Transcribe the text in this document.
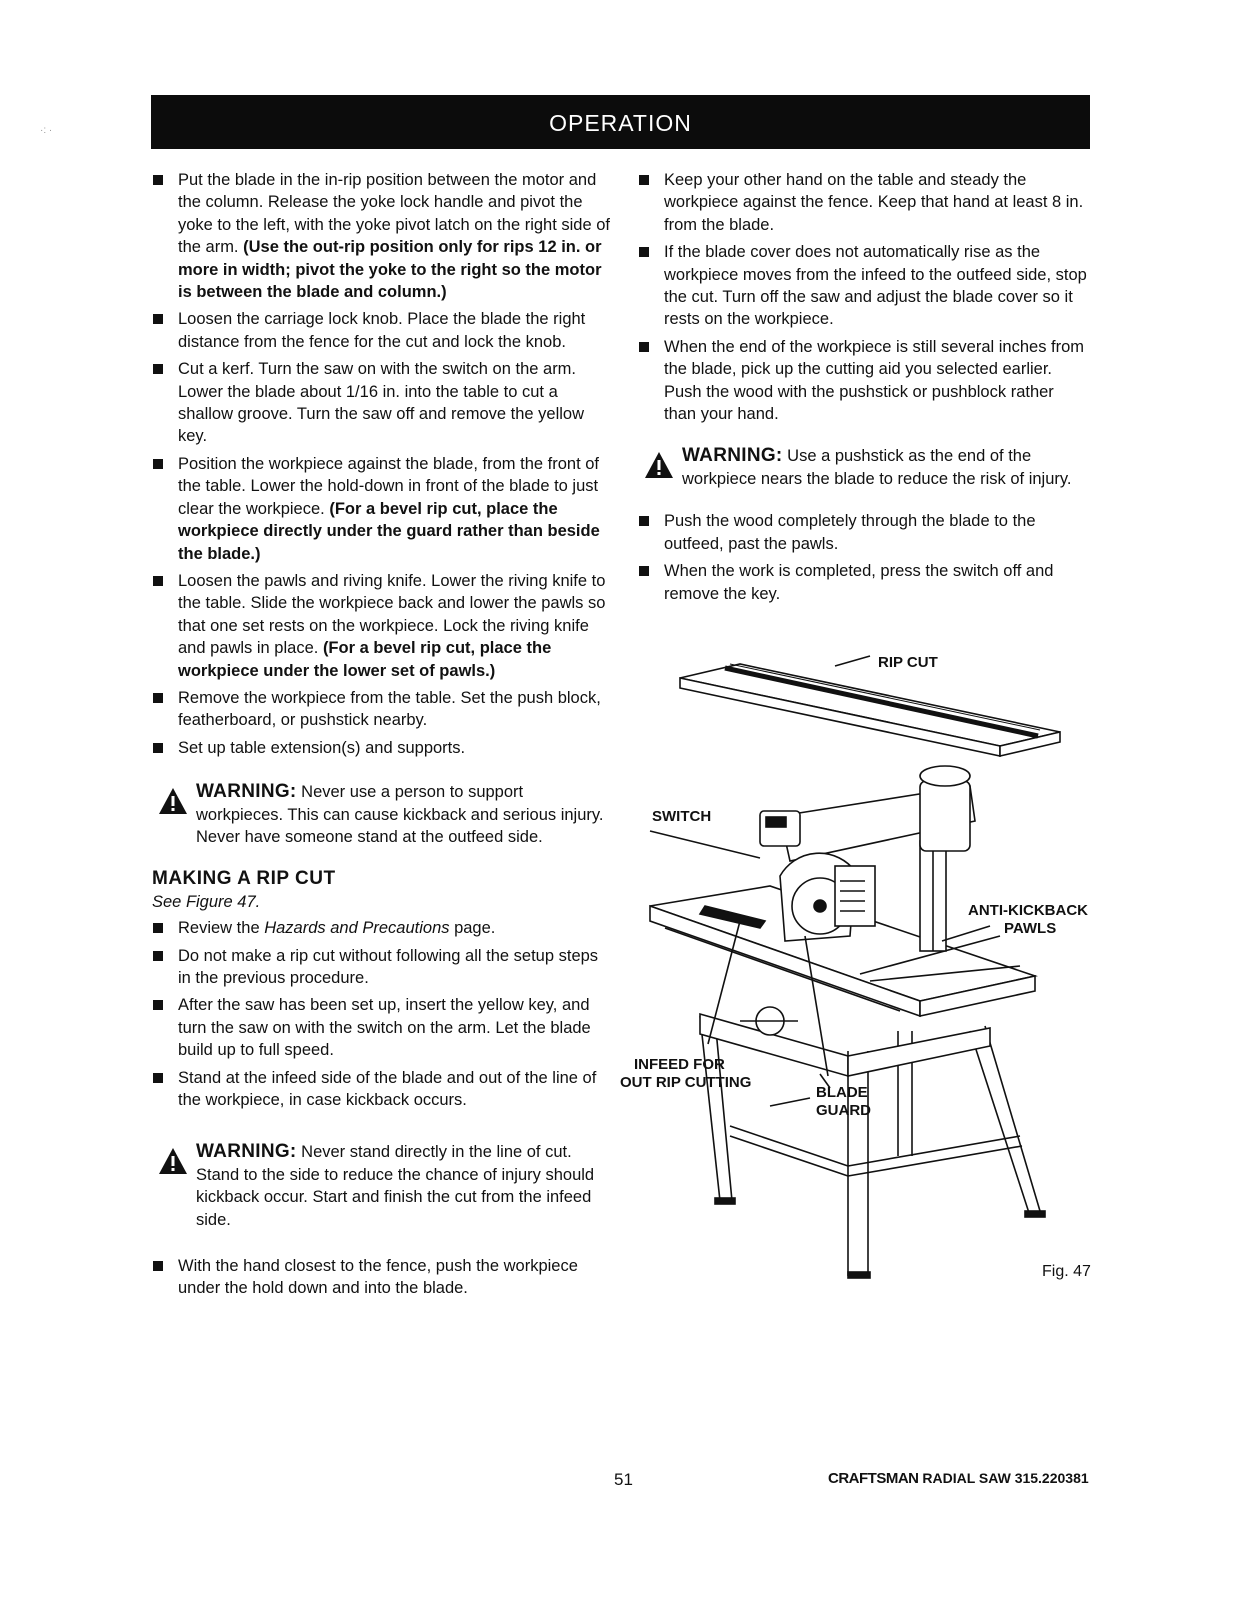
OPERATION
·: ·
Put the blade in the in-rip position between the motor and the column. Release the yoke lock handle and pivot the yoke to the left, with the yoke pivot latch on the right side of the arm. (Use the out-rip position only for rips 12 in. or more in width; pivot the yoke to the right so the motor is between the blade and column.)
Loosen the carriage lock knob. Place the blade the right distance from the fence for the cut and lock the knob.
Cut a kerf. Turn the saw on with the switch on the arm. Lower the blade about 1/16 in. into the table to cut a shallow groove. Turn the saw off and remove the yellow key.
Position the workpiece against the blade, from the front of the table. Lower the hold-down in front of the blade to just clear the workpiece. (For a bevel rip cut, place the workpiece directly under the guard rather than beside the blade.)
Loosen the pawls and riving knife. Lower the riving knife to the table. Slide the workpiece back and lower the pawls so that one set rests on the workpiece. Lock the riving knife and pawls in place. (For a bevel rip cut, place the workpiece under the lower set of pawls.)
Remove the workpiece from the table. Set the push block, featherboard, or pushstick nearby.
Set up table extension(s) and supports.
WARNING: Never use a person to support workpieces. This can cause kickback and serious injury. Never have someone stand at the outfeed side.
MAKING A RIP CUT
See Figure 47.
Review the Hazards and Precautions page.
Do not make a rip cut without following all the setup steps in the previous procedure.
After the saw has been set up, insert the yellow key, and turn the saw on with the switch on the arm. Let the blade build up to full speed.
Stand at the infeed side of the blade and out of the line of the workpiece, in case kickback occurs.
WARNING: Never stand directly in the line of cut. Stand to the side to reduce the chance of injury should kickback occur. Start and finish the cut from the infeed side.
With the hand closest to the fence, push the workpiece under the hold down and into the blade.
Keep your other hand on the table and steady the workpiece against the fence. Keep that hand at least 8 in. from the blade.
If the blade cover does not automatically rise as the workpiece moves from the infeed to the outfeed side, stop the cut. Turn off the saw and adjust the blade cover so it rests on the workpiece.
When the end of the workpiece is still several inches from the blade, pick up the cutting aid you selected earlier. Push the wood with the pushstick or pushblock rather than your hand.
WARNING: Use a pushstick as the end of the workpiece nears the blade to reduce the risk of injury.
Push the wood completely through the blade to the outfeed, past the pawls.
When the work is completed, press the switch off and remove the key.
RIP CUT
SWITCH
ANTI-KICKBACK
PAWLS
INFEED FOR
OUT RIP CUTTING
BLADE
GUARD
Fig. 47
51	CRAFTSMAN RADIAL SAW 315.220381
